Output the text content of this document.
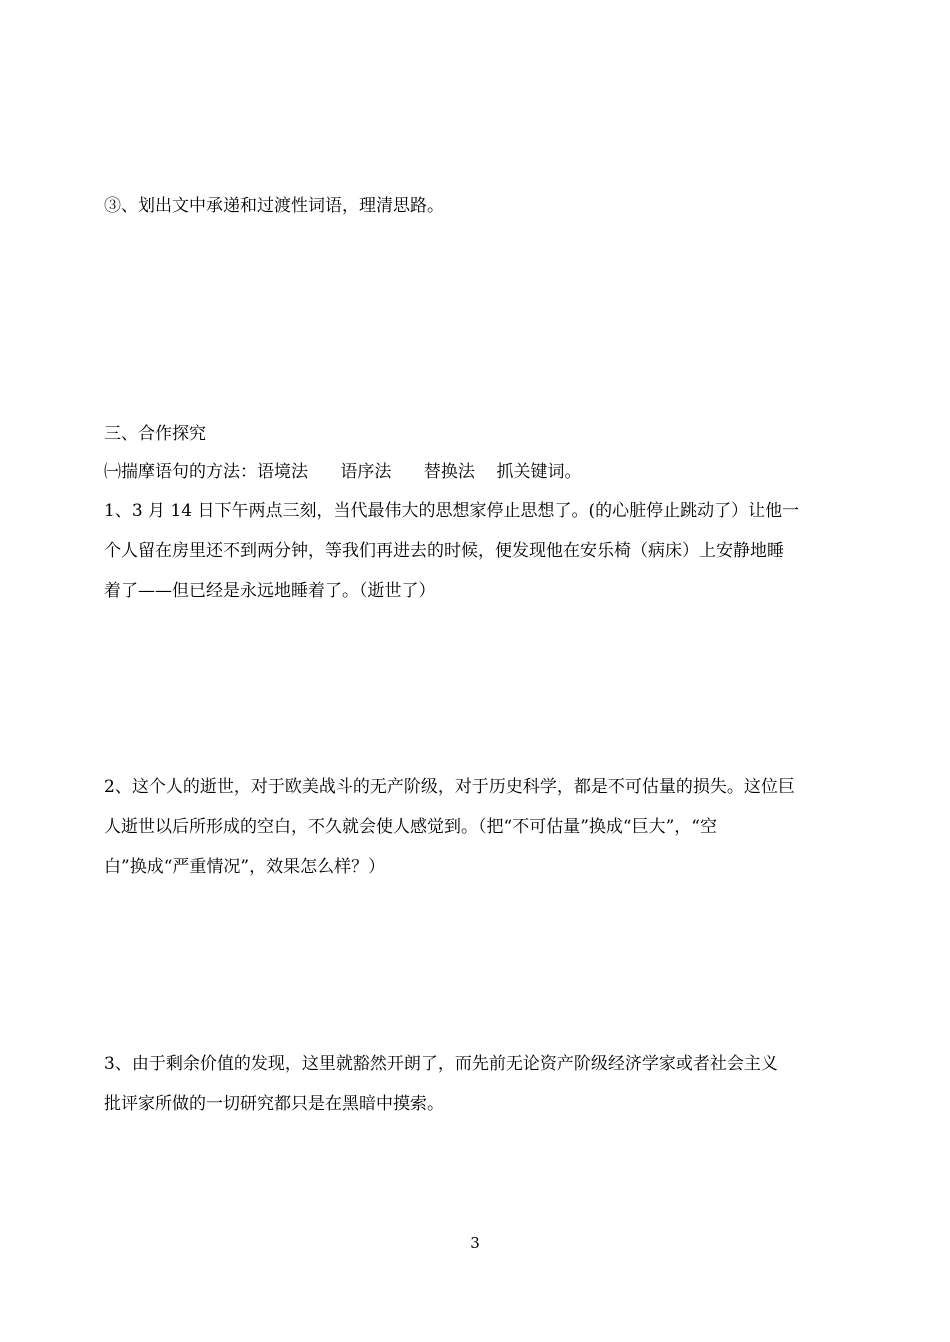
③、划出文中承递和过渡性词语，理清思路。
三、合作探究
㈠揣摩语句的方法：语境法      语序法      替换法    抓关键词。
1、3 月 14 日下午两点三刻，当代最伟大的思想家停止思想了。(的心脏停止跳动了）让他一
个人留在房里还不到两分钟，等我们再进去的时候，便发现他在安乐椅（病床）上安静地睡
着了——但已经是永远地睡着了。（逝世了）
2、这个人的逝世，对于欧美战斗的无产阶级，对于历史科学，都是不可估量的损失。这位巨
人逝世以后所形成的空白，不久就会使人感觉到。（把“不可估量”换成“巨大”，“空
白”换成“严重情况”，效果怎么样？）
3、由于剩余价值的发现，这里就豁然开朗了，而先前无论资产阶级经济学家或者社会主义
批评家所做的一切研究都只是在黑暗中摸索。
3
